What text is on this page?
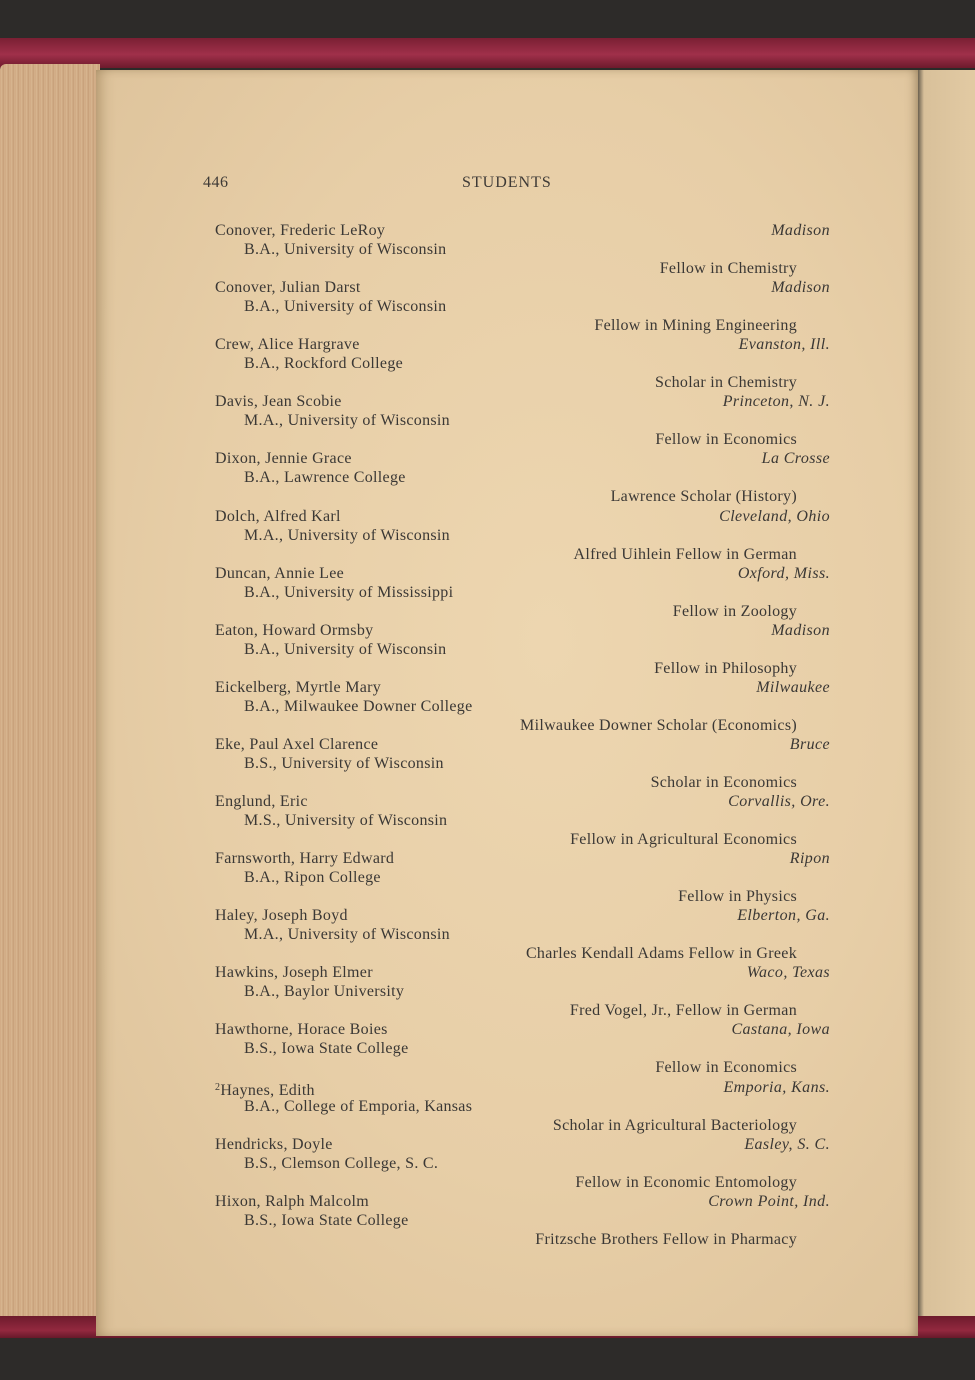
446	STUDENTS
Conover, Frederic LeRoy	Madison
B.A., University of Wisconsin
Fellow in Chemistry
Conover, Julian Darst	Madison
B.A., University of Wisconsin
Fellow in Mining Engineering
Crew, Alice Hargrave	Evanston, Ill.
B.A., Rockford College
Scholar in Chemistry
Davis, Jean Scobie	Princeton, N. J.
M.A., University of Wisconsin
Fellow in Economics
Dixon, Jennie Grace	La Crosse
B.A., Lawrence College
Lawrence Scholar (History)
Dolch, Alfred Karl	Cleveland, Ohio
M.A., University of Wisconsin
Alfred Uihlein Fellow in German
Duncan, Annie Lee	Oxford, Miss.
B.A., University of Mississippi
Fellow in Zoology
Eaton, Howard Ormsby	Madison
B.A., University of Wisconsin
Fellow in Philosophy
Eickelberg, Myrtle Mary	Milwaukee
B.A., Milwaukee Downer College
Milwaukee Downer Scholar (Economics)
Eke, Paul Axel Clarence	Bruce
B.S., University of Wisconsin
Scholar in Economics
Englund, Eric	Corvallis, Ore.
M.S., University of Wisconsin
Fellow in Agricultural Economics
Farnsworth, Harry Edward	Ripon
B.A., Ripon College
Fellow in Physics
Haley, Joseph Boyd	Elberton, Ga.
M.A., University of Wisconsin
Charles Kendall Adams Fellow in Greek
Hawkins, Joseph Elmer	Waco, Texas
B.A., Baylor University
Fred Vogel, Jr., Fellow in German
Hawthorne, Horace Boies	Castana, Iowa
B.S., Iowa State College
Fellow in Economics
$^2$Haynes, Edith	Emporia, Kans.
B.A., College of Emporia, Kansas
Scholar in Agricultural Bacteriology
Hendricks, Doyle	Easley, S. C.
B.S., Clemson College, S. C.
Fellow in Economic Entomology
Hixon, Ralph Malcolm	Crown Point, Ind.
B.S., Iowa State College
Fritzsche Brothers Fellow in Pharmacy
